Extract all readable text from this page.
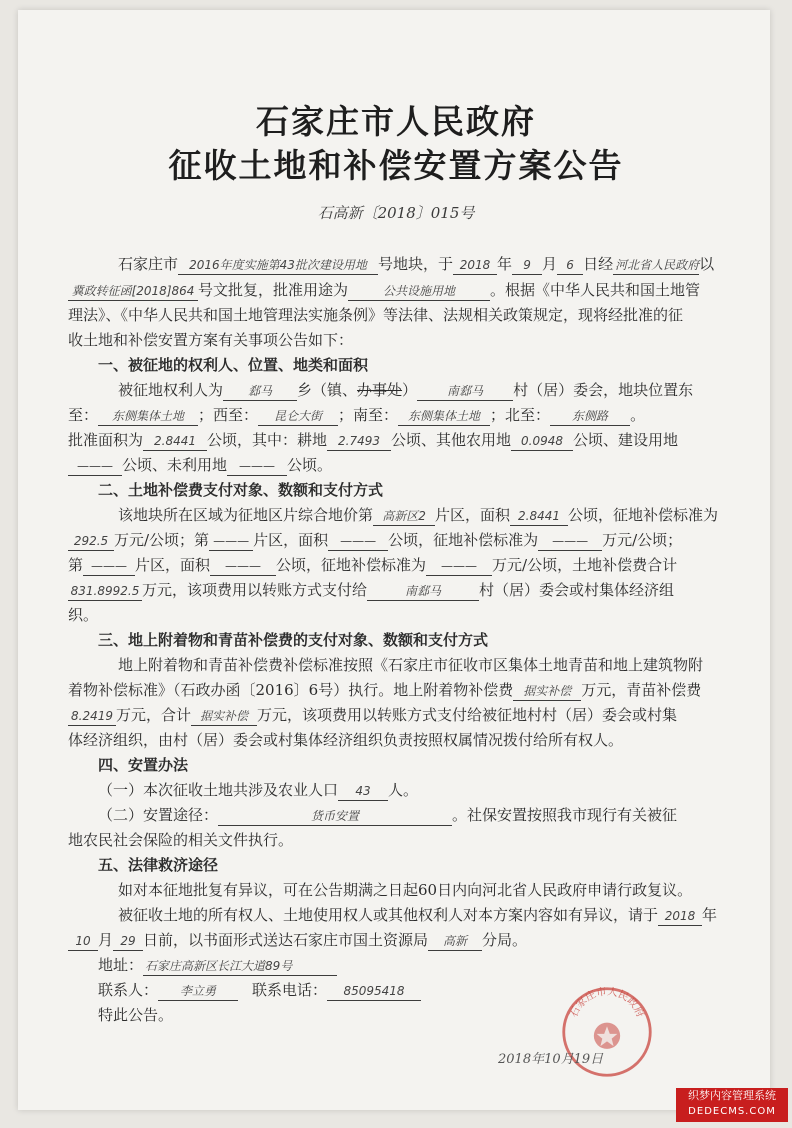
石家庄市人民政府
征收土地和补偿安置方案公告
石高新〔2018〕015号
石家庄市 2016年度实施第43批次建设用地 号地块，于 2018 年 9 月 6 日经 河北省人民政府以
冀政转征函[2018]864 号文批复，批准用途为	公共设施用地 。根据《中华人民共和国土地管
理法》、《中华人民共和国土地管理法实施条例》等法律、法规相关政策规定，现将经批准的征
收土地和补偿安置方案有关事项公告如下：
一、被征地的权利人、位置、地类和面积
被征地权利人为 郄马 乡（镇、办事处） 南郄马 村（居）委会，地块位置东
至： 东侧集体土地 ；西至： 昆仑大街 ；南至： 东侧集体土地 ；北至： 东侧路 。
批准面积为 2.8441 公顷，其中：耕地 2.7493 公顷、其他农用地 0.0948 公顷、建设用地
——— 公顷、未利用地 ——— 公顷。
二、土地补偿费支付对象、数额和支付方式
该地块所在区域为征地区片综合地价第 高新区2 片区，面积 2.8441 公顷，征地补偿标准为
292.5 万元/公顷；第 ——— 片区，面积 ——— 公顷，征地补偿标准为 ——— 万元/公顷；
第 ——— 片区，面积 ——— 公顷，征地补偿标准为 ——— 万元/公顷，土地补偿费合计
831.8992.5 万元，该项费用以转账方式支付给	南郄马	村（居）委会或村集体经济组
织。
三、地上附着物和青苗补偿费的支付对象、数额和支付方式
地上附着物和青苗补偿费补偿标准按照《石家庄市征收市区集体土地青苗和地上建筑物附
着物补偿标准》（石政办函〔2016〕6号）执行。地上附着物补偿费 据实补偿 万元，青苗补偿费
8.2419 万元，合计 据实补偿 万元，该项费用以转账方式支付给被征地村村（居）委会或村集
体经济组织，由村（居）委会或村集体经济组织负责按照权属情况拨付给所有权人。
四、安置办法
（一）本次征收土地共涉及农业人口 43 人。
（二）安置途径：	货币安置	。社保安置按照我市现行有关被征
地农民社会保险的相关文件执行。
五、法律救济途径
如对本征地批复有异议，可在公告期满之日起60日内向河北省人民政府申请行政复议。
被征收土地的所有权人、土地使用权人或其他权利人对本方案内容如有异议，请于 2018 年
10 月 29 日前，以书面形式送达石家庄市国土资源局 高新 分局。
地址： 石家庄高新区长江大道89号
联系人： 李立勇 联系电话： 85095418
特此公告。	石家庄市人民政府
2018年10月19日
织梦内容管理系统
DEDECMS.COM
